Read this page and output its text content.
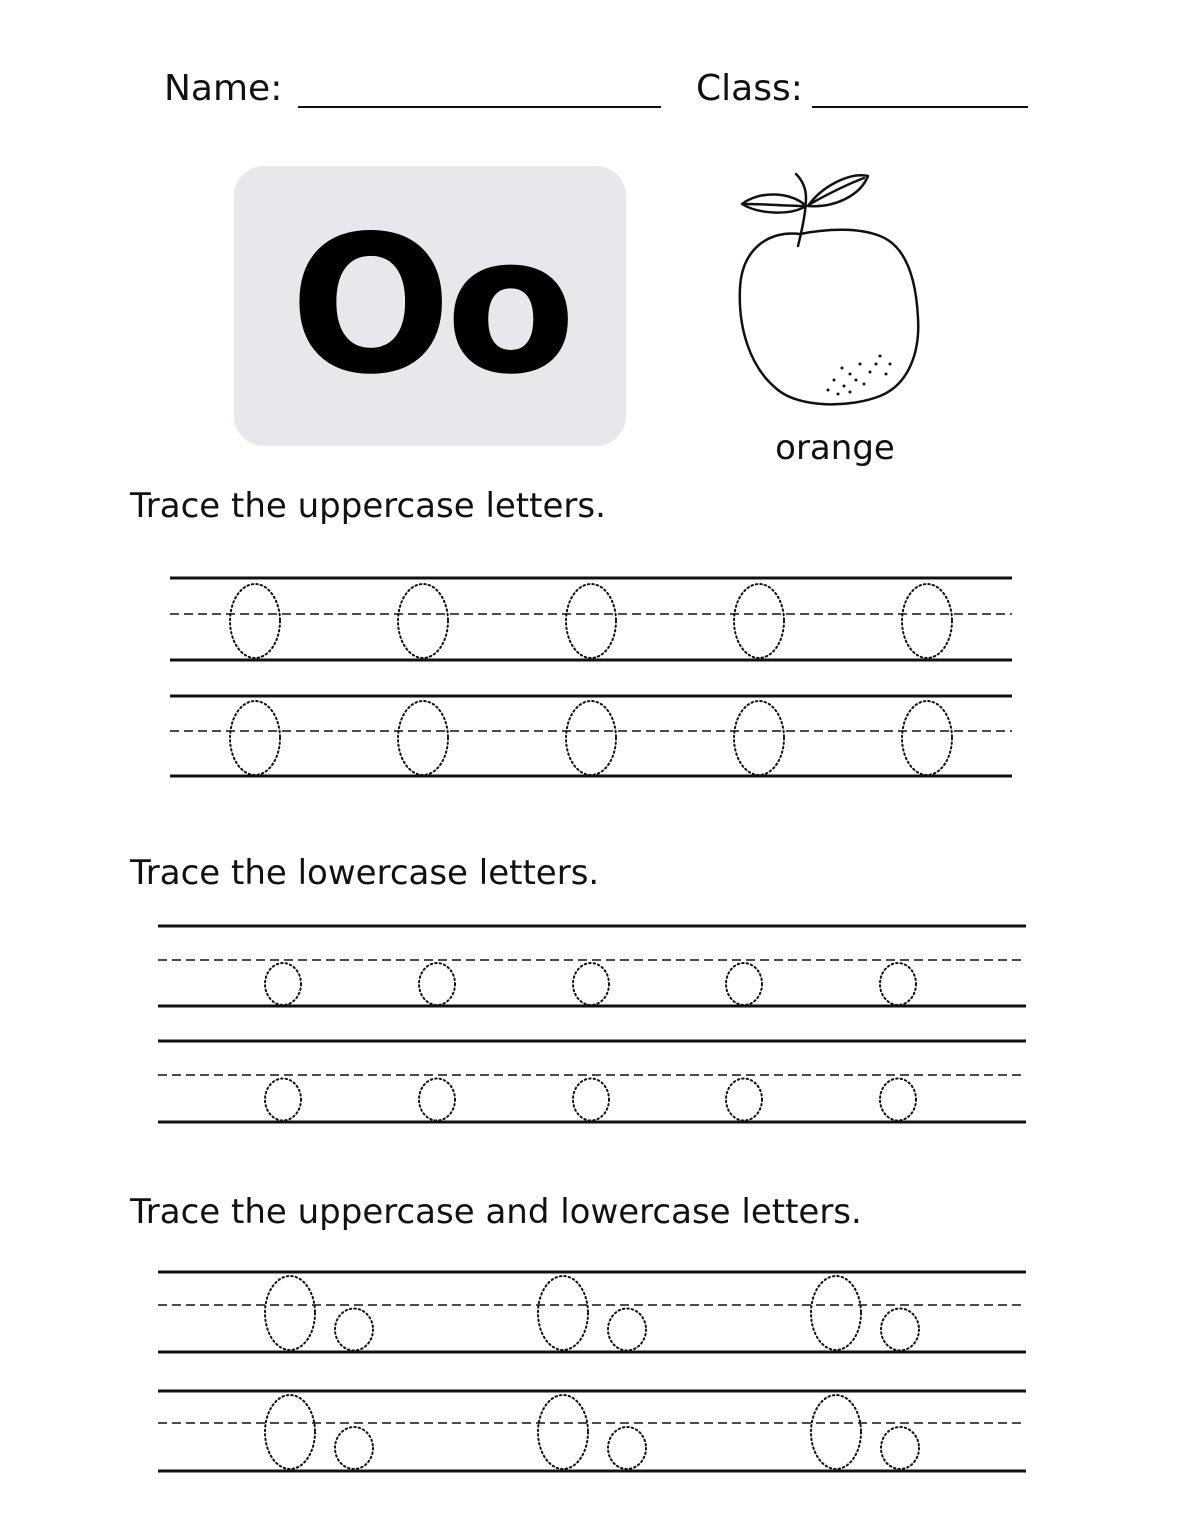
Name:	Class:
Oo
orange
Trace the uppercase letters.
Trace the lowercase letters.
Trace the uppercase and lowercase letters.
